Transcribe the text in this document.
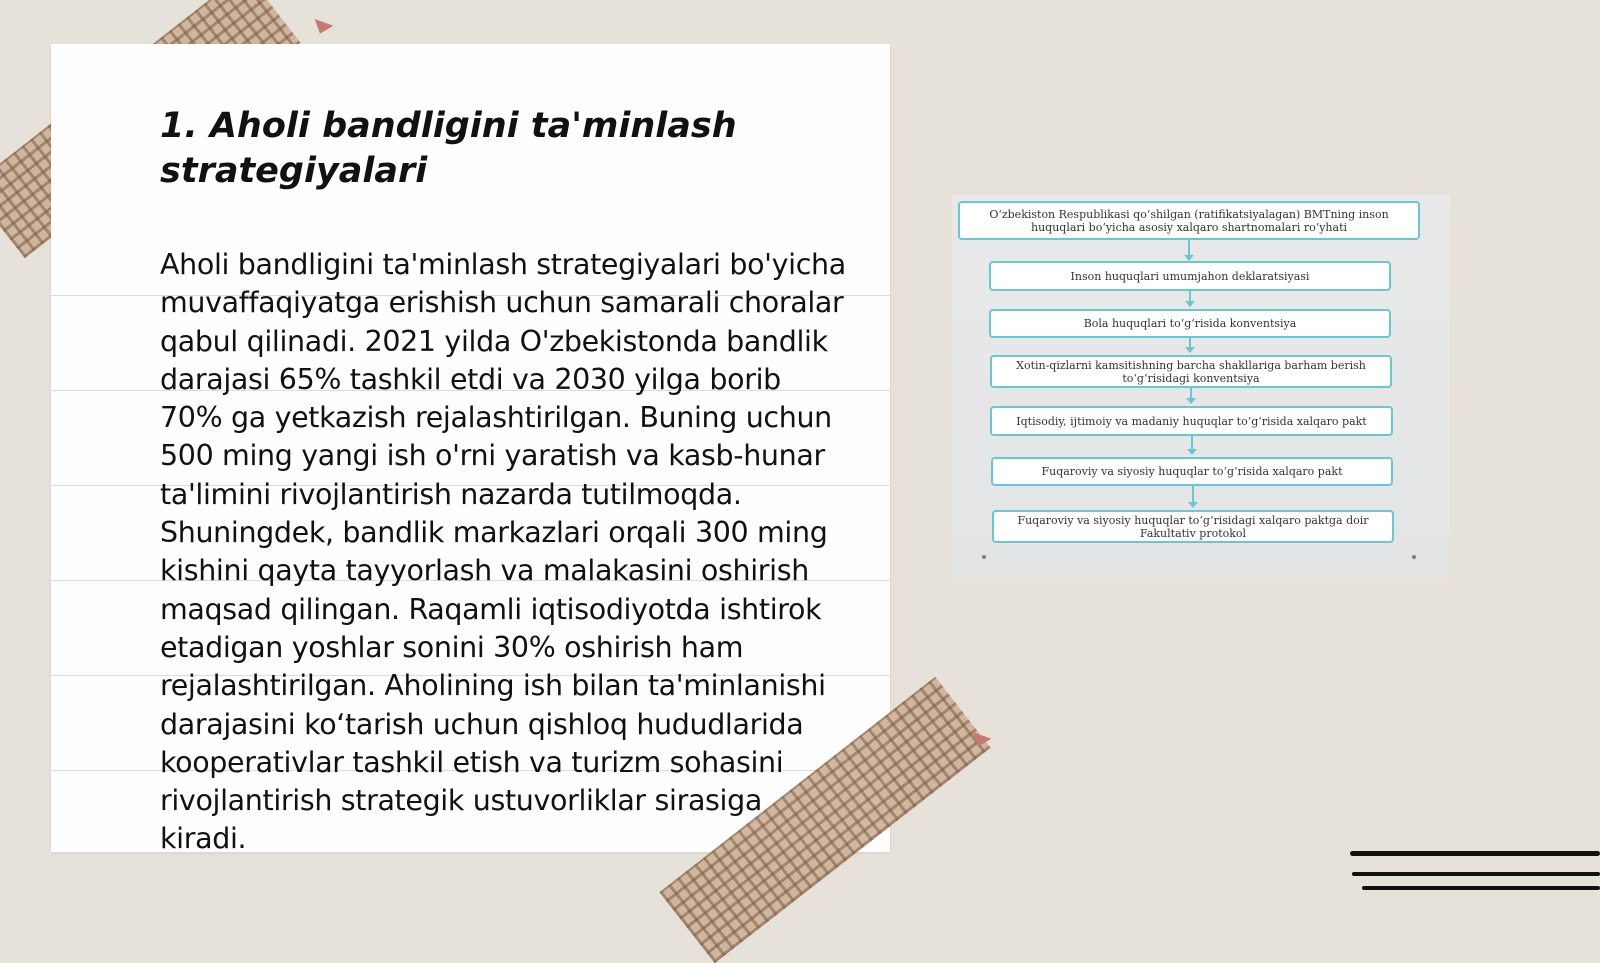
1. Aholi bandligini ta'minlash strategiyalari

Aholi bandligini ta'minlash strategiyalari bo'yicha muvaffaqiyatga erishish uchun samarali choralar qabul qilinadi. 2021 yilda O'zbekistonda bandlik darajasi 65% tashkil etdi va 2030 yilga borib 70% ga yetkazish rejalashtirilgan. Buning uchun 500 ming yangi ish o'rni yaratish va kasb-hunar ta'limini rivojlantirish nazarda tutilmoqda. Shuningdek, bandlik markazlari orqali 300 ming kishini qayta tayyorlash va malakasini oshirish maqsad qilingan. Raqamli iqtisodiyotda ishtirok etadigan yoshlar sonini 30% oshirish ham rejalashtirilgan. Aholining ish bilan ta'minlanishi darajasini koʻtarish uchun qishloq hududlarida kooperativlar tashkil etish va turizm sohasini rivojlantirish strategik ustuvorliklar sirasiga kiradi.

O‘zbekiston Respublikasi qo‘shilgan (ratifikatsiyalagan) BMTning inson huquqlari bo‘yicha asosiy xalqaro shartnomalari ro‘yhati
Inson huquqlari umumjahon deklaratsiyasi
Bola huquqlari to‘g‘risida konventsiya
Xotin-qizlarni kamsitishning barcha shakllariga barham berish to‘g‘risidagi konventsiya
Iqtisodiy, ijtimoiy va madaniy huquqlar to‘g‘risida xalqaro pakt
Fuqaroviy va siyosiy huquqlar to‘g‘risida xalqaro pakt
Fuqaroviy va siyosiy huquqlar to‘g‘risidagi xalqaro paktga doir Fakultativ protokol
